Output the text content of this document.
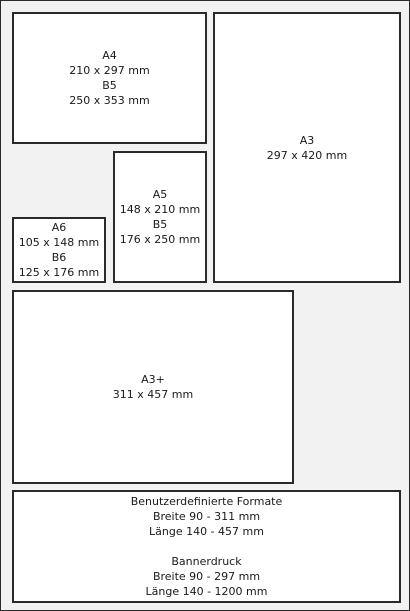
A4
210 x 297 mm
B5
250 x 353 mm
A3
297 x 420 mm
A5
148 x 210 mm
B5
176 x 250 mm
A6
105 x 148 mm
B6
125 x 176 mm
A3+
311 x 457 mm
Benutzerdefinierte Formate
Breite 90 - 311 mm
Länge 140 - 457 mm
Bannerdruck
Breite 90 - 297 mm
Länge 140 - 1200 mm
